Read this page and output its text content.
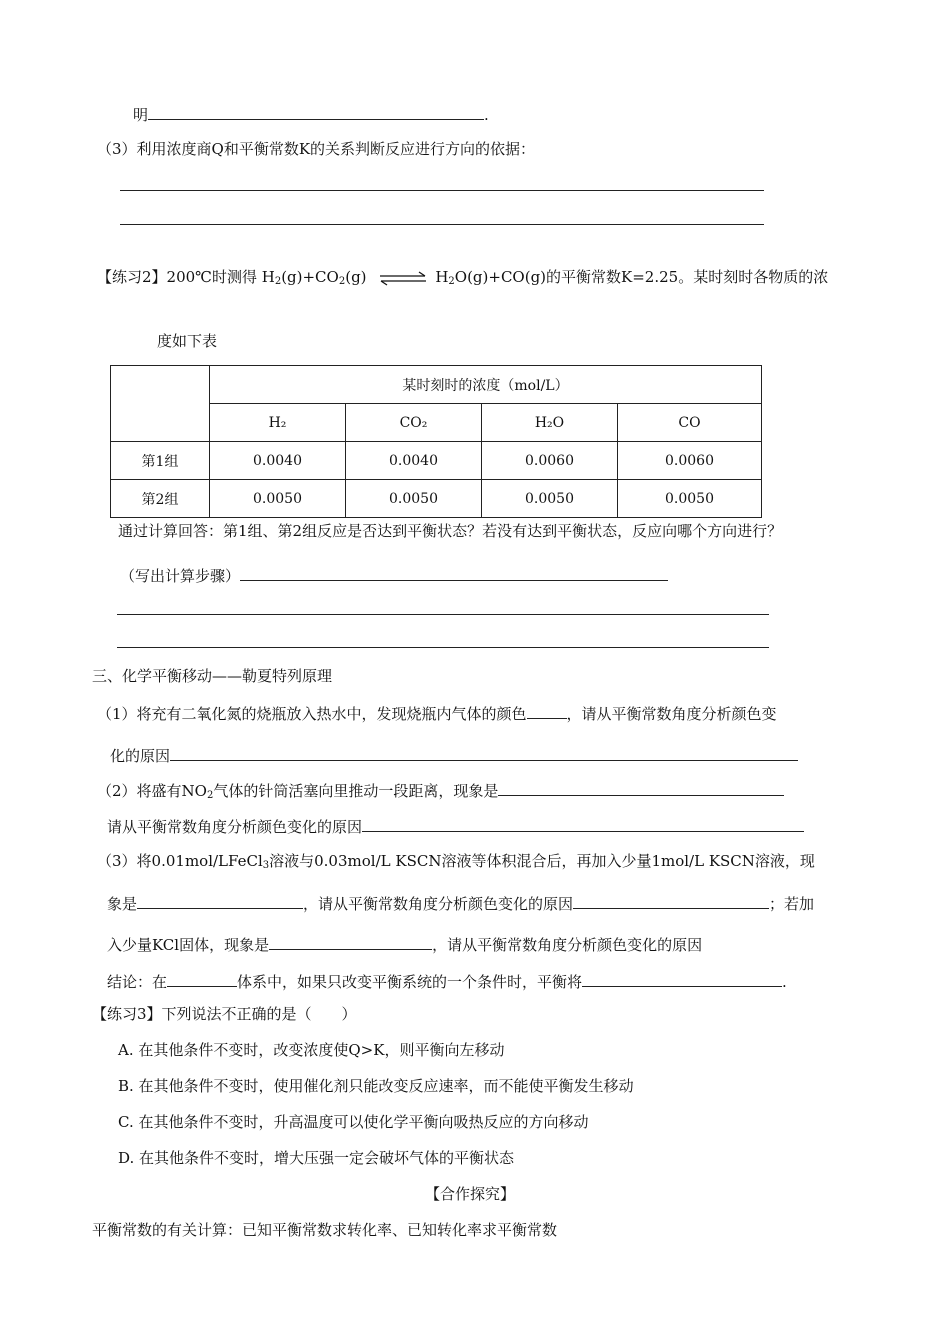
明	.
（3）利用浓度商Q和平衡常数K的关系判断反应进行方向的依据：
【练习2】200℃时测得 $H_2(g)+CO_2(g)$ ⇌ $H_2O(g)+CO(g)$的平衡常数K=2.25。某时刻时各物质的浓
度如下表
	某时刻时的浓度（mol/L）			
	H₂	CO₂	H₂O	CO
第1组	0.0040	0.0040	0.0060	0.0060
第2组	0.0050	0.0050	0.0050	0.0050
通过计算回答：第1组、第2组反应是否达到平衡状态？若没有达到平衡状态，反应向哪个方向进行？
（写出计算步骤）
三、化学平衡移动——勒夏特列原理
（1）将充有二氧化氮的烧瓶放入热水中，发现烧瓶内气体的颜色	，请从平衡常数角度分析颜色变
化的原因
（2）将盛有$NO_2$气体的针筒活塞向里推动一段距离，现象是
请从平衡常数角度分析颜色变化的原因
（3）将0.01mol/LFeCl$_3$溶液与0.03mol/L KSCN溶液等体积混合后，再加入少量1mol/L KSCN溶液，现
象是	，请从平衡常数角度分析颜色变化的原因	；若加
入少量KCl固体，现象是	，请从平衡常数角度分析颜色变化的原因
结论：在	体系中，如果只改变平衡系统的一个条件时，平衡将	.
【练习3】下列说法不正确的是（　　）
A. 在其他条件不变时，改变浓度使Q>K，则平衡向左移动
B. 在其他条件不变时，使用催化剂只能改变反应速率，而不能使平衡发生移动
C. 在其他条件不变时，升高温度可以使化学平衡向吸热反应的方向移动
D. 在其他条件不变时，增大压强一定会破坏气体的平衡状态
【合作探究】
平衡常数的有关计算：已知平衡常数求转化率、已知转化率求平衡常数
